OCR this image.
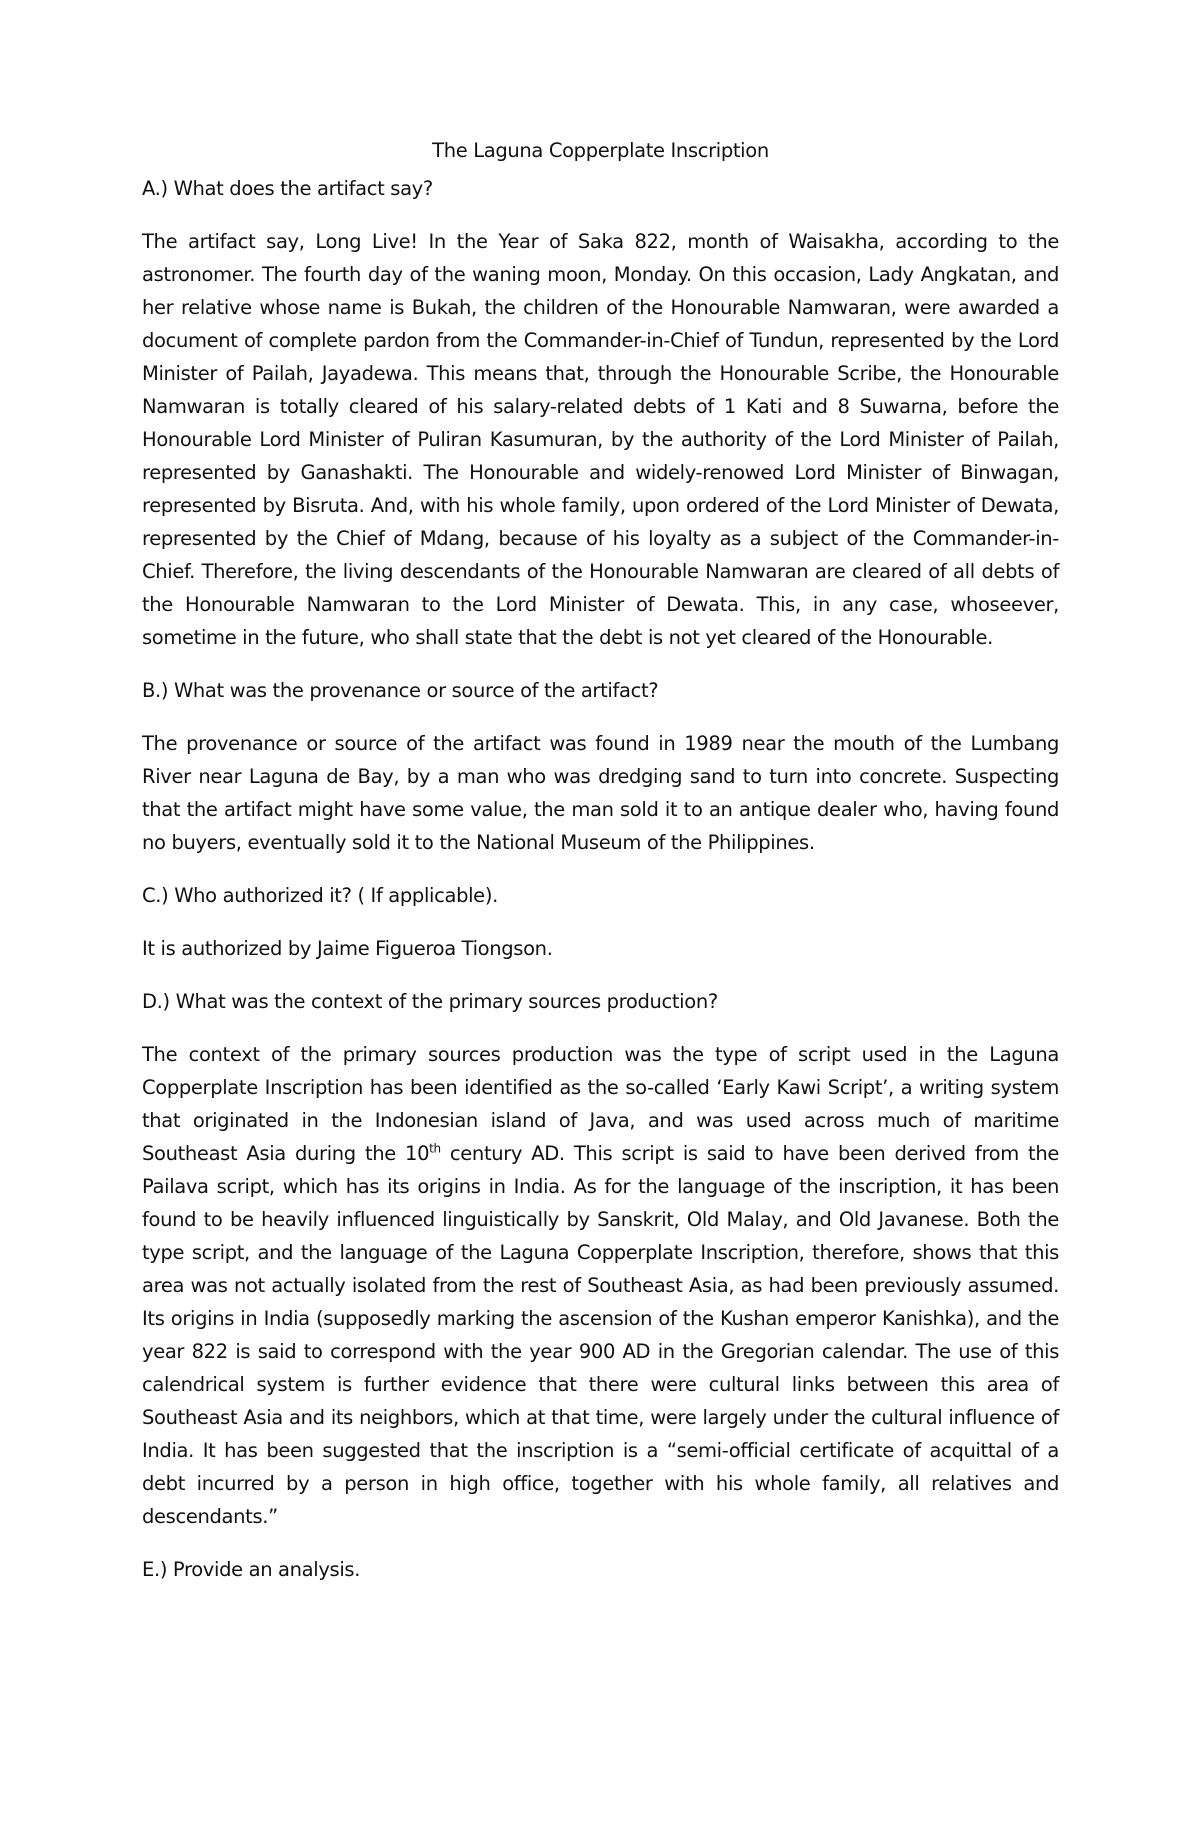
The Laguna Copperplate Inscription

A.) What does the artifact say?

The artifact say, Long Live! In the Year of Saka 822, month of Waisakha, according to the astronomer. The fourth day of the waning moon, Monday. On this occasion, Lady Angkatan, and her relative whose name is Bukah, the children of the Honourable Namwaran, were awarded a document of complete pardon from the Commander-in-Chief of Tundun, represented by the Lord Minister of Pailah, Jayadewa. This means that, through the Honourable Scribe, the Honourable Namwaran is totally cleared of his salary-related debts of 1 Kati and 8 Suwarna, before the Honourable Lord Minister of Puliran Kasumuran, by the authority of the Lord Minister of Pailah, represented by Ganashakti. The Honourable and widely-renowed Lord Minister of Binwagan, represented by Bisruta. And, with his whole family, upon ordered of the Lord Minister of Dewata, represented by the Chief of Mdang, because of his loyalty as a subject of the Commander-in-Chief. Therefore, the living descendants of the Honourable Namwaran are cleared of all debts of the Honourable Namwaran to the Lord Minister of Dewata. This, in any case, whoseever, sometime in the future, who shall state that the debt is not yet cleared of the Honourable.

B.) What was the provenance or source of the artifact?

The provenance or source of the artifact was found in 1989 near the mouth of the Lumbang River near Laguna de Bay, by a man who was dredging sand to turn into concrete. Suspecting that the artifact might have some value, the man sold it to an antique dealer who, having found no buyers, eventually sold it to the National Museum of the Philippines.

C.) Who authorized it? ( If applicable).

It is authorized by Jaime Figueroa Tiongson.

D.) What was the context of the primary sources production?

The context of the primary sources production was the type of script used in the Laguna Copperplate Inscription has been identified as the so-called ‘Early Kawi Script’, a writing system that originated in the Indonesian island of Java, and was used across much of maritime Southeast Asia during the 10th century AD. This script is said to have been derived from the Pailava script, which has its origins in India. As for the language of the inscription, it has been found to be heavily influenced linguistically by Sanskrit, Old Malay, and Old Javanese. Both the type script, and the language of the Laguna Copperplate Inscription, therefore, shows that this area was not actually isolated from the rest of Southeast Asia, as had been previously assumed. Its origins in India (supposedly marking the ascension of the Kushan emperor Kanishka), and the year 822 is said to correspond with the year 900 AD in the Gregorian calendar. The use of this calendrical system is further evidence that there were cultural links between this area of Southeast Asia and its neighbors, which at that time, were largely under the cultural influence of India. It has been suggested that the inscription is a “semi-official certificate of acquittal of a debt incurred by a person in high office, together with his whole family, all relatives and descendants.”

E.) Provide an analysis.
